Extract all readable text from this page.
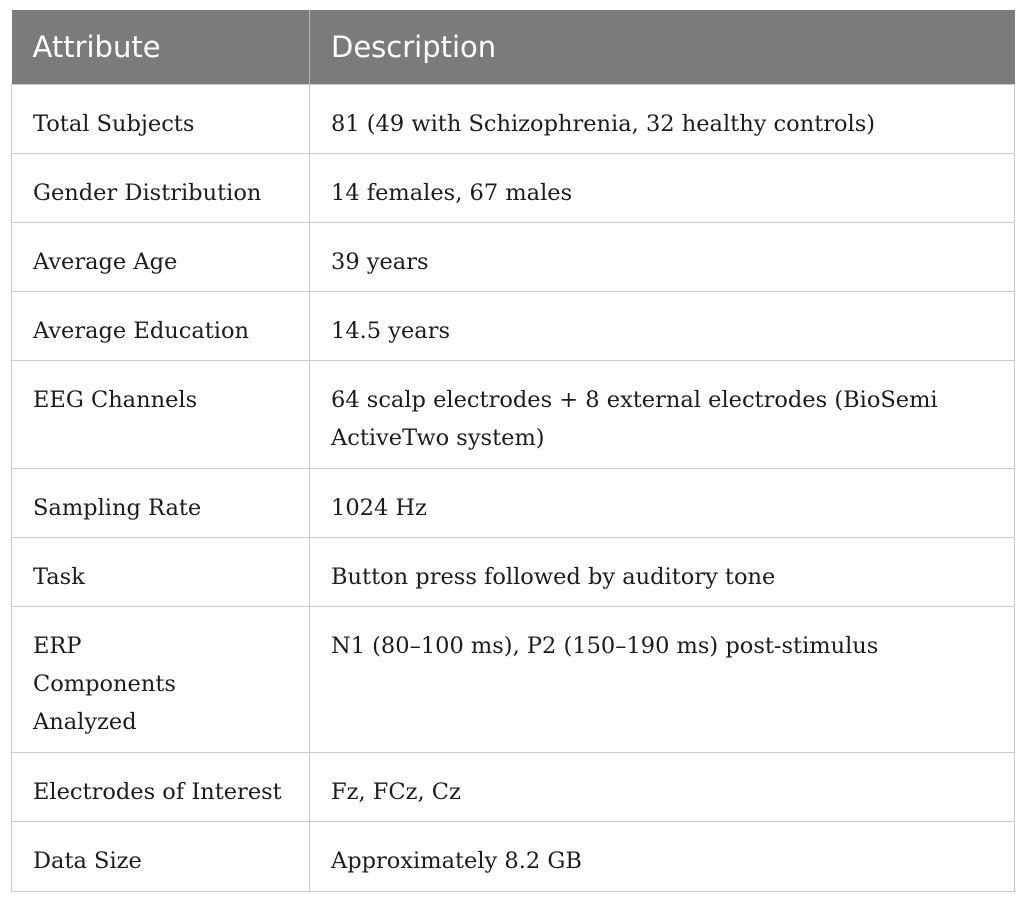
Attribute	Description
Total Subjects	81 (49 with Schizophrenia, 32 healthy controls)
Gender Distribution	14 females, 67 males
Average Age	39 years
Average Education	14.5 years
EEG Channels	64 scalp electrodes + 8 external electrodes (BioSemi ActiveTwo system)
Sampling Rate	1024 Hz
Task	Button press followed by auditory tone
ERP Components Analyzed	N1 (80–100 ms), P2 (150–190 ms) post-stimulus
Electrodes of Interest	Fz, FCz, Cz
Data Size	Approximately 8.2 GB
